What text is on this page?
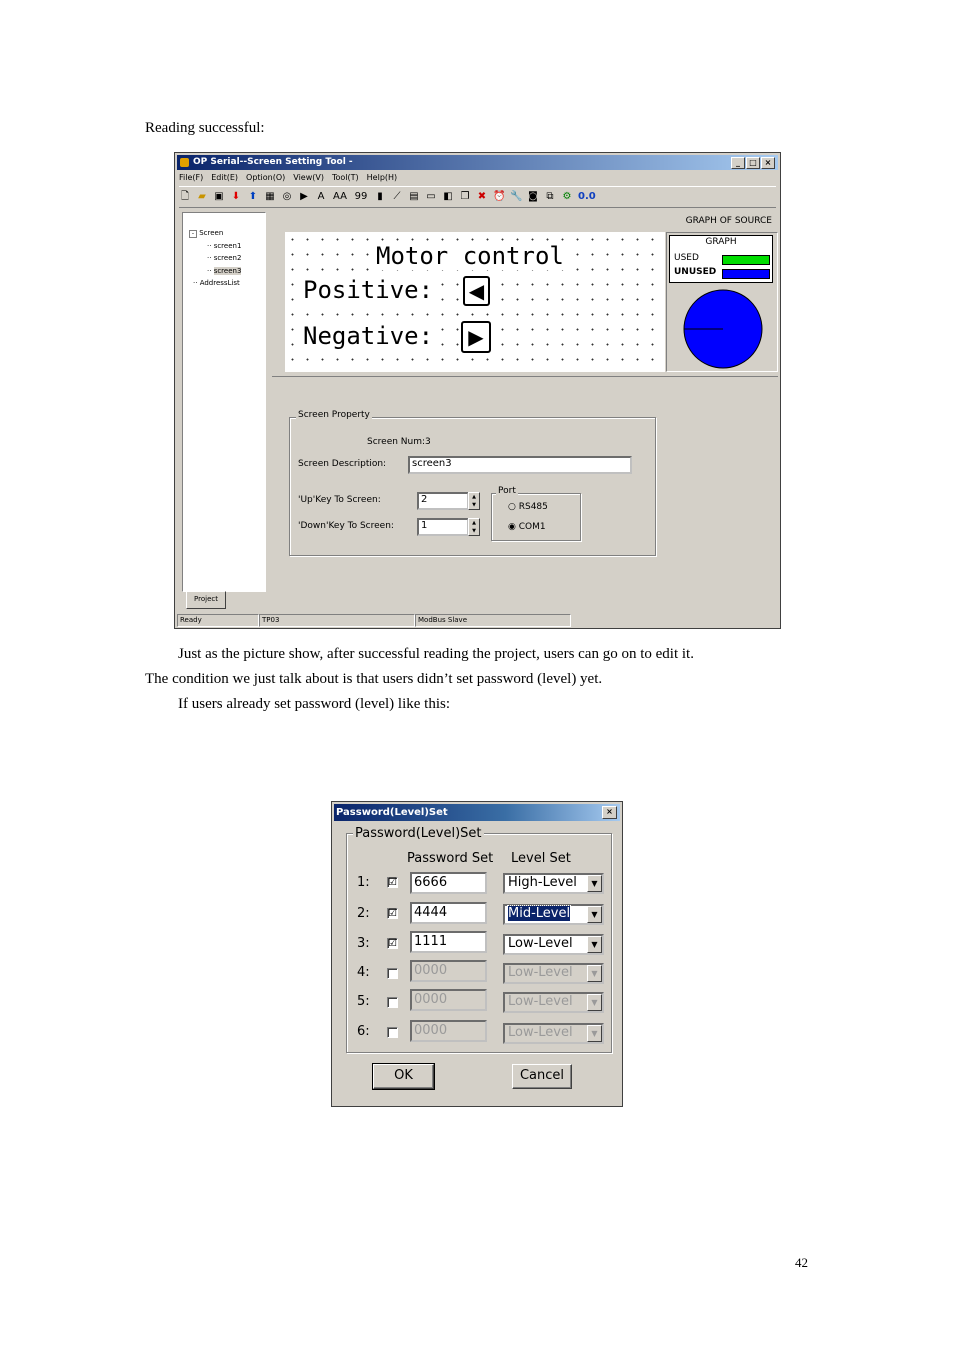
Reading successful:
OP Serial--Screen Setting Tool -	_	□ ×
File(F) Edit(E) Option(O) View(V) Tool(T) Help(H)
🗋 ▰ ▣ ⬇ ⬆ ▦ ◎ ▶ A AA 99 ▮	⟋ ▤ ▭ ◧ ❐ ✖ ⏰ 🔧 ◙ ⧉ ⚙ 0.0
- Screen
·· screen1
·· screen2
·· screen3
·· AddressList
Project
GRAPH OF SOURCE
Motor control
Positive: ◀
Negative:	▶
GRAPH
USED
UNUSED
Screen Property
Screen Num:3
Screen Description:	screen3
'Up'Key To Screen:	2	▲
▼
'Down'Key To Screen:	1	▲
▼
Port
○ RS485
◉ COM1
Ready	TP03	ModBus Slave
Just as the picture show, after successful reading the project, users can go on to edit it.
The condition we just talk about is that users didn’t set password (level) yet.
If users already set password (level) like this:
Password(Level)Set	×
Password(Level)Set
Password Set Level Set
1: ☑	6666	High-Level	▼
2: ☑	4444	Mid-Level	▼
3: ☑	1111	Low-Level	▼
4:	0000	Low-Level	▼
5:	0000	Low-Level	▼
6:	0000	Low-Level	▼
OK	Cancel
42
